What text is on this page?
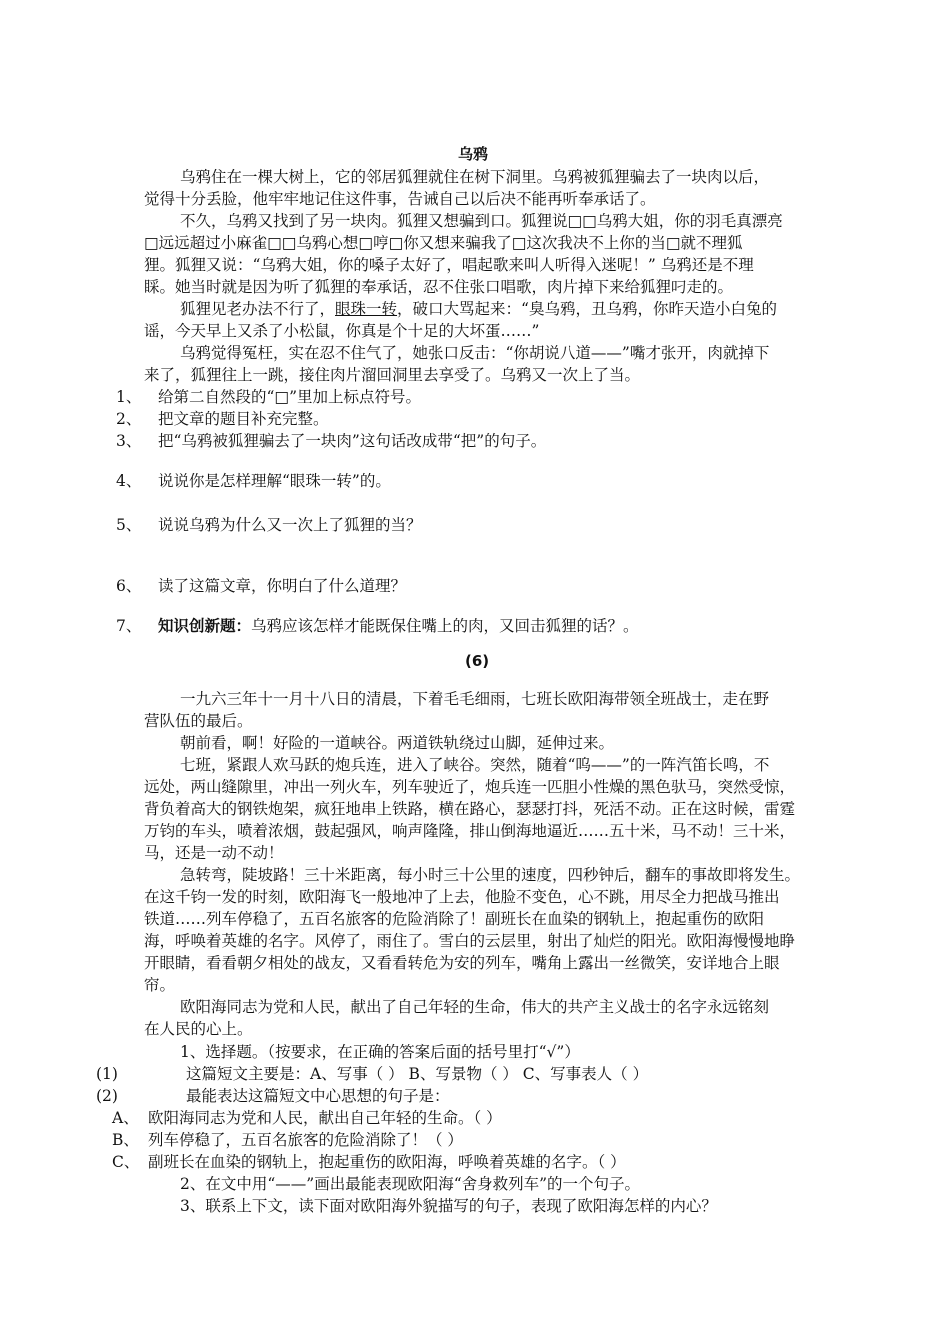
乌鸦
乌鸦住在一棵大树上，它的邻居狐狸就住在树下洞里。乌鸦被狐狸骗去了一块肉以后，
觉得十分丢脸，他牢牢地记住这件事，告诫自己以后决不能再听奉承话了。
不久，乌鸦又找到了另一块肉。狐狸又想骗到口。狐狸说□□乌鸦大姐，你的羽毛真漂亮
□远远超过小麻雀□□乌鸦心想□哼□你又想来骗我了□这次我决不上你的当□就不理狐
狸。狐狸又说：“乌鸦大姐，你的嗓子太好了，唱起歌来叫人听得入迷呢！” 乌鸦还是不理
睬。她当时就是因为听了狐狸的奉承话，忍不住张口唱歌，肉片掉下来给狐狸叼走的。
狐狸见老办法不行了，眼珠一转，破口大骂起来：“臭乌鸦，丑乌鸦，你昨天造小白兔的
谣，今天早上又杀了小松鼠，你真是个十足的大坏蛋……”
乌鸦觉得冤枉，实在忍不住气了，她张口反击：“你胡说八道——”嘴才张开，肉就掉下
来了，狐狸往上一跳，接住肉片溜回洞里去享受了。乌鸦又一次上了当。
1、 给第二自然段的“□”里加上标点符号。
2、 把文章的题目补充完整。
3、 把“乌鸦被狐狸骗去了一块肉”这句话改成带“把”的句子。
4、 说说你是怎样理解“眼珠一转”的。
5、 说说乌鸦为什么又一次上了狐狸的当？
6、 读了这篇文章，你明白了什么道理？
7、 知识创新题：乌鸦应该怎样才能既保住嘴上的肉，又回击狐狸的话？。
(6)
一九六三年十一月十八日的清晨，下着毛毛细雨，七班长欧阳海带领全班战士，走在野
营队伍的最后。
朝前看，啊！好险的一道峡谷。两道铁轨绕过山脚，延伸过来。
七班，紧跟人欢马跃的炮兵连，进入了峡谷。突然，随着“呜——”的一阵汽笛长鸣，不
远处，两山缝隙里，冲出一列火车，列车驶近了，炮兵连一匹胆小性燥的黑色驮马，突然受惊，
背负着高大的钢铁炮架，疯狂地串上铁路，横在路心，瑟瑟打抖，死活不动。正在这时候，雷霆
万钧的车头，喷着浓烟，鼓起强风，响声隆隆，排山倒海地逼近……五十米，马不动！三十米，
马，还是一动不动！
急转弯，陡坡路！三十米距离，每小时三十公里的速度，四秒钟后，翻车的事故即将发生。
在这千钧一发的时刻，欧阳海飞一般地冲了上去，他脸不变色，心不跳，用尽全力把战马推出
铁道……列车停稳了，五百名旅客的危险消除了！副班长在血染的钢轨上，抱起重伤的欧阳
海，呼唤着英雄的名字。风停了，雨住了。雪白的云层里，射出了灿烂的阳光。欧阳海慢慢地睁
开眼睛，看看朝夕相处的战友，又看看转危为安的列车，嘴角上露出一丝微笑，安详地合上眼
帘。
欧阳海同志为党和人民，献出了自己年轻的生命，伟大的共产主义战士的名字永远铭刻
在人民的心上。
1、选择题。（按要求，在正确的答案后面的括号里打“√”）
(1)	这篇短文主要是：A、写事（ ） B、写景物（ ） C、写事表人（ ）
(2)	最能表达这篇短文中心思想的句子是：
A、 欧阳海同志为党和人民，献出自己年轻的生命。（ ）
B、 列车停稳了，五百名旅客的危险消除了！（ ）
C、 副班长在血染的钢轨上，抱起重伤的欧阳海，呼唤着英雄的名字。（ ）
2、在文中用“——”画出最能表现欧阳海“舍身救列车”的一个句子。
3、联系上下文，读下面对欧阳海外貌描写的句子，表现了欧阳海怎样的内心？
